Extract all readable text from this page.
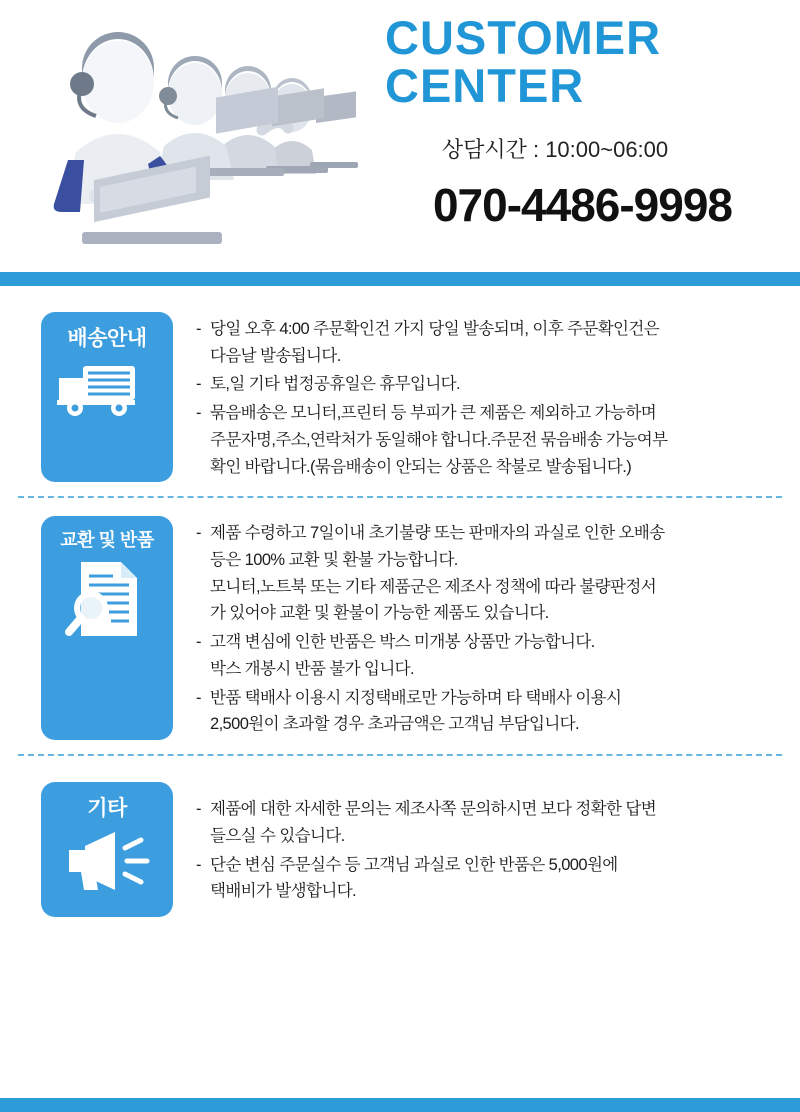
CUSTOMER
CENTER
상담시간 : 10:00~06:00
070-4486-9998
배송안내	- 당일 오후 4:00 주문확인건 가지 당일 발송되며, 이후 주문확인건은
다음날 발송됩니다.
- 토,일 기타 법정공휴일은 휴무입니다.
- 묶음배송은 모니터,프린터 등 부피가 큰 제품은 제외하고 가능하며
주문자명,주소,연락처가 동일해야 합니다.주문전 묶음배송 가능여부
확인 바랍니다.(묶음배송이 안되는 상품은 착불로 발송됩니다.)
교환 및 반품	- 제품 수령하고 7일이내 초기불량 또는 판매자의 과실로 인한 오배송
등은 100% 교환 및 환불 가능합니다.
모니터,노트북 또는 기타 제품군은 제조사 정책에 따라 불량판정서
가 있어야 교환 및 환불이 가능한 제품도 있습니다.
- 고객 변심에 인한 반품은 박스 미개봉 상품만 가능합니다.
박스 개봉시 반품 불가 입니다.
- 반품 택배사 이용시 지정택배로만 가능하며 타 택배사 이용시
2,500원이 초과할 경우 초과금액은 고객님 부담입니다.
기타	- 제품에 대한 자세한 문의는 제조사쪽 문의하시면 보다 정확한 답변
들으실 수 있습니다.
- 단순 변심 주문실수 등 고객님 과실로 인한 반품은 5,000원에
택배비가 발생합니다.
